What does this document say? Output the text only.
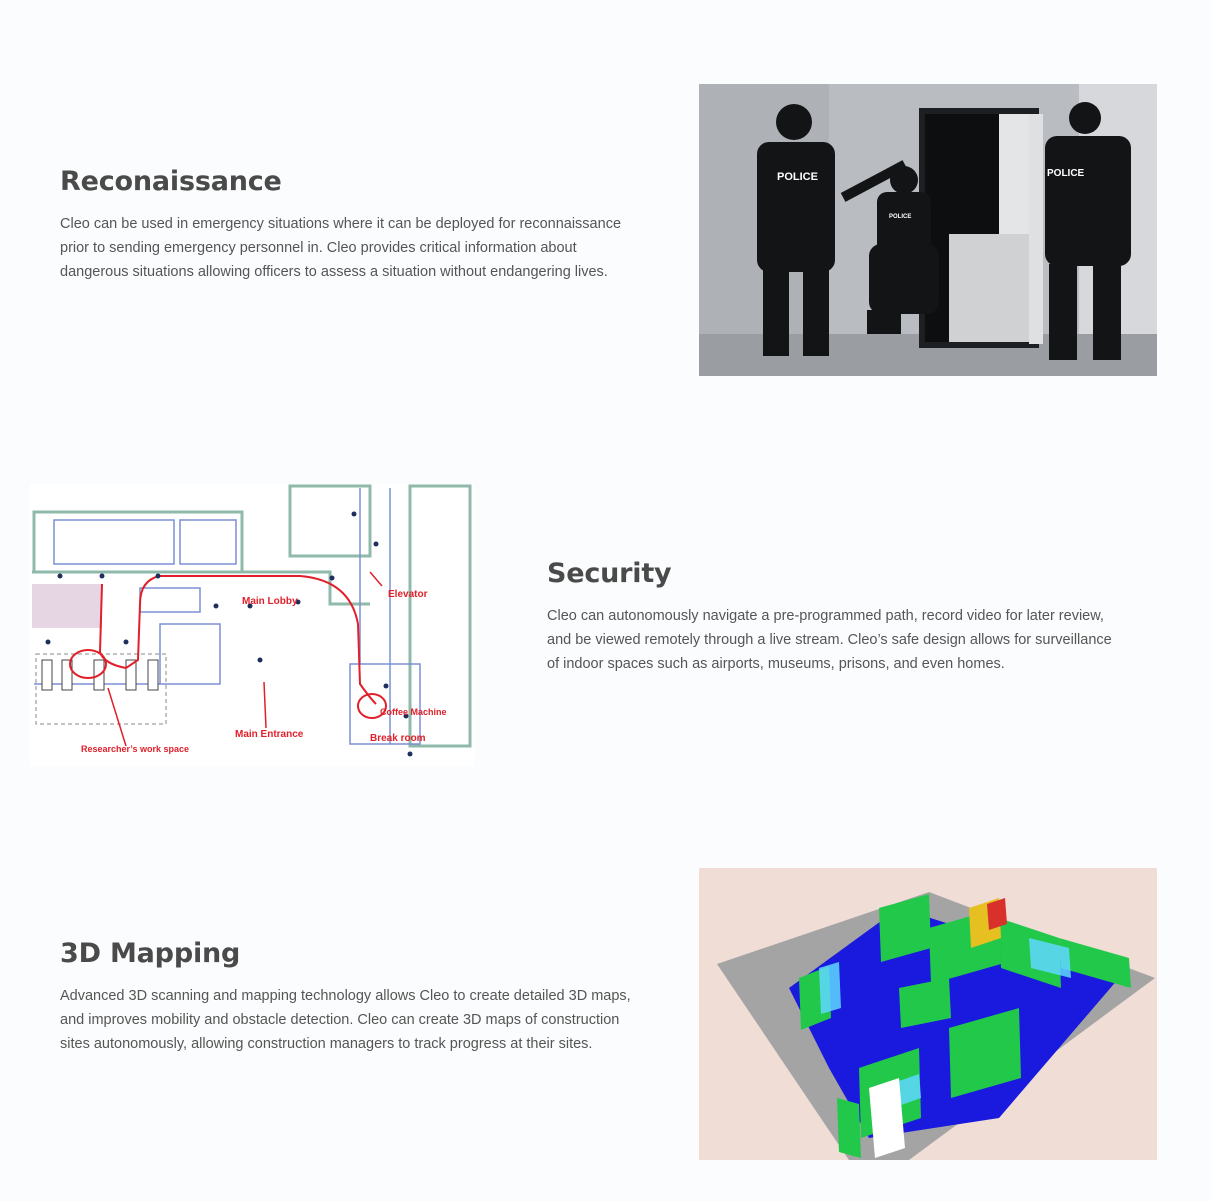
Reconaissance

Cleo can be used in emergency situations where it can be deployed for reconnaissance prior to sending emergency personnel in. Cleo provides critical information about dangerous situations allowing officers to assess a situation without endangering lives.

POLICE
POLICE
POLICE
Main Lobby
Elevator
Coffee Machine
Break room
Main Entrance
Researcher’s work space
Security

Cleo can autonomously navigate a pre-programmed path, record video for later review, and be viewed remotely through a live stream. Cleo’s safe design allows for surveillance of indoor spaces such as airports, museums, prisons, and even homes.

3D Mapping

Advanced 3D scanning and mapping technology allows Cleo to create detailed 3D maps, and improves mobility and obstacle detection. Cleo can create 3D maps of construction sites autonomously, allowing construction managers to track progress at their sites.
